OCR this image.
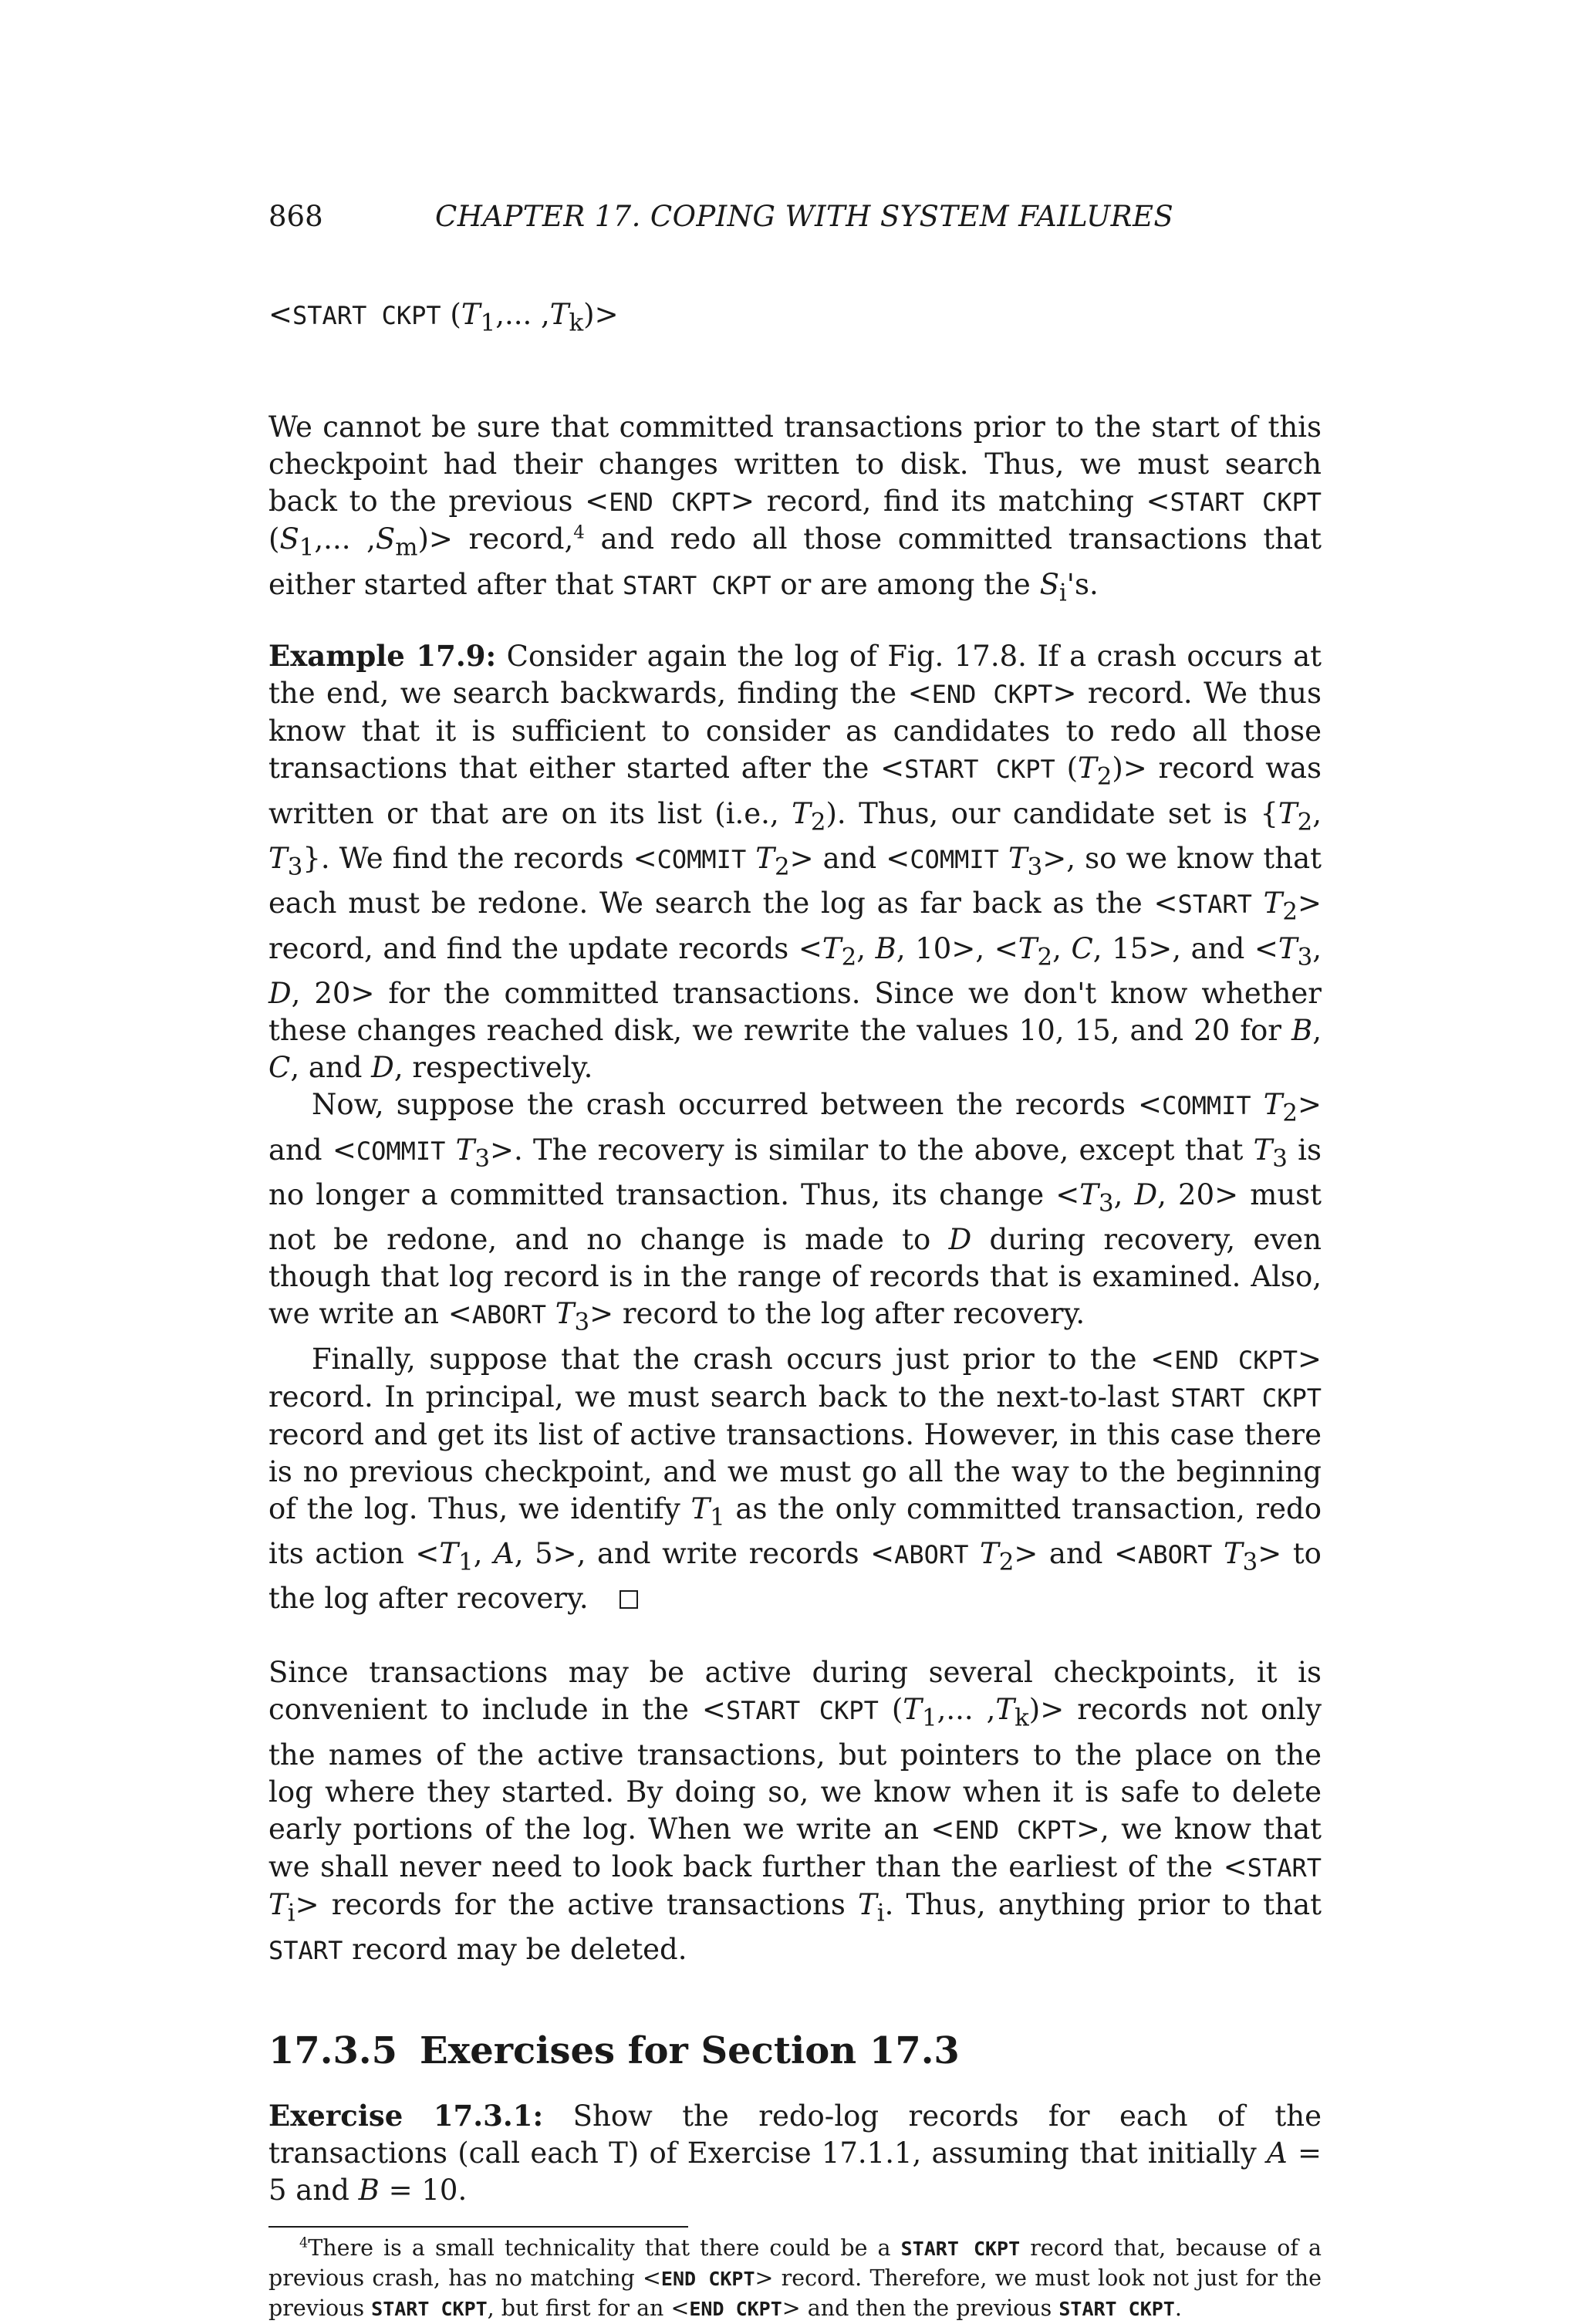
868	CHAPTER 17. COPING WITH SYSTEM FAILURES
<START CKPT ($T_1$,... $,T_k)>$

We cannot be sure that committed transactions prior to the start of this checkpoint had their changes written to disk. Thus, we must search back to the previous <END CKPT> record, find its matching <START CKPT ($S_1$,... $,S_m)>$ record,$^4$ and redo all those committed transactions that either started after that START CKPT or are among the $S_i's$.

Example 17.9: Consider again the log of Fig. 17.8. If a crash occurs at the end, we search backwards, finding the <END CKPT> record. We thus know that it is sufficient to consider as candidates to redo all those transactions that either started after the <START CKPT $(T_2)>$ record was written or that are on its list (i.e., $T_2$). Thus, our candidate set is {$T_2$, $T_3$}. We find the records <COMMIT $T_2>$ and <COMMIT $T_3>$, so we know that each must be redone. We search the log as far back as the <START $T_2>$ record, and find the update records $<T_2$, B, 10>, $<T_2$, C, 15>, and $<T_3$, D, 20> for the committed transactions. Since we don't know whether these changes reached disk, we rewrite the values 10, 15, and 20 for B, C, and D, respectively.

Now, suppose the crash occurred between the records <COMMIT $T_2>$ and <COMMIT $T_3>$. The recovery is similar to the above, except that $T_3$ is no longer a committed transaction. Thus, its change $<T_3$, D, 20> must not be redone, and no change is made to D during recovery, even though that log record is in the range of records that is examined. Also, we write an <ABORT $T_3>$ record to the log after recovery.

Finally, suppose that the crash occurs just prior to the <END CKPT> record. In principal, we must search back to the next-to-last START CKPT record and get its list of active transactions. However, in this case there is no previous checkpoint, and we must go all the way to the beginning of the log. Thus, we identify $T_1$ as the only committed transaction, redo its action $<T_1$, A, 5>, and write records <ABORT $T_2>$ and <ABORT $T_3>$ to the log after recovery.

Since transactions may be active during several checkpoints, it is convenient to include in the <START CKPT ($T_1$,... $,T_k)>$ records not only the names of the active transactions, but pointers to the place on the log where they started. By doing so, we know when it is safe to delete early portions of the log. When we write an <END CKPT>, we know that we shall never need to look back further than the earliest of the <START $T_i>$ records for the active transactions $T_i$. Thus, anything prior to that START record may be deleted.

17.3.5 Exercises for Section 17.3

Exercise 17.3.1: Show the redo-log records for each of the transactions (call each T) of Exercise 17.1.1, assuming that initially A = 5 and B = 10.

$^4$There is a small technicality that there could be a START CKPT record that, because of a previous crash, has no matching <END CKPT> record. Therefore, we must look not just for the previous START CKPT, but first for an <END CKPT> and then the previous START CKPT.
